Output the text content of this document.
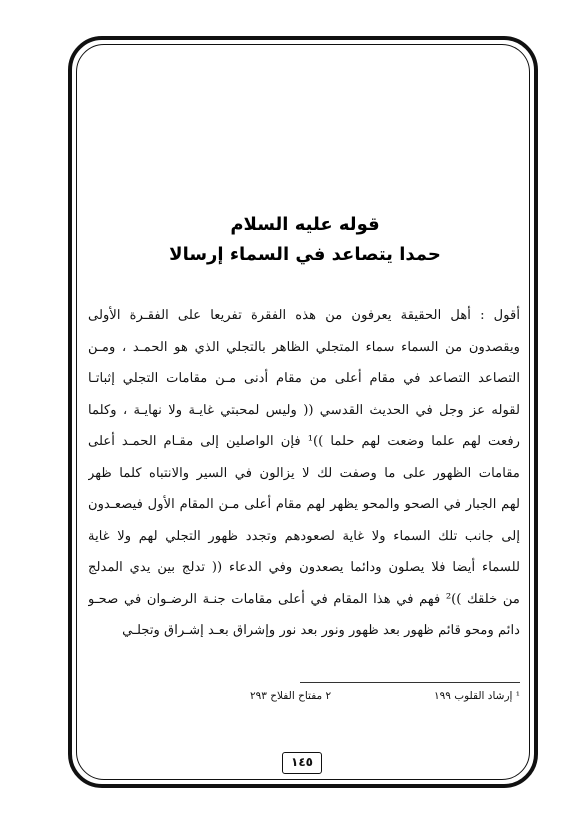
قوله عليه السلام
حمدا يتصاعد في السماء إرسالا
أقول : أهل الحقيقة يعرفون من هذه الفقرة تفريعا على الفقـرة الأولى
ويقصدون من السماء سماء المتجلي الظاهر بالتجلي الذي هو الحمـد ، ومـن
التصاعد التصاعد في مقام أعلى من مقام أدنى مـن مقامات التجلي إثباتـا
لقوله عز وجل في الحديث القدسي (( وليس لمحبتي غايـة ولا نهايـة ، وكلما
رفعت لهم علما وضعت لهم حلما ))¹ فإن الواصلين إلى مقـام الحمـد أعلى
مقامات الظهور على ما وصفت لك لا يزالون في السير والانتباه كلما ظهر
لهم الجبار في الصحو والمحو يظهر لهم مقام أعلى مـن المقام الأول فيصعـدون
إلى جانب تلك السماء ولا غاية لصعودهم وتجدد ظهور التجلي لهم ولا غاية
للسماء أيضا فلا يصلون ودائما يصعدون وفي الدعاء (( تدلج بين يدي المدلج
من خلقك ))² فهم في هذا المقام في أعلى مقامات جنـة الرضـوان في صحـو
دائم ومحو قائم ظهور بعد ظهور ونور بعد نور وإشراق بعـد إشـراق وتجلـي
¹ إرشاد القلوب ١٩٩
٢ مفتاح الفلاح ٢٩٣
١٤٥
